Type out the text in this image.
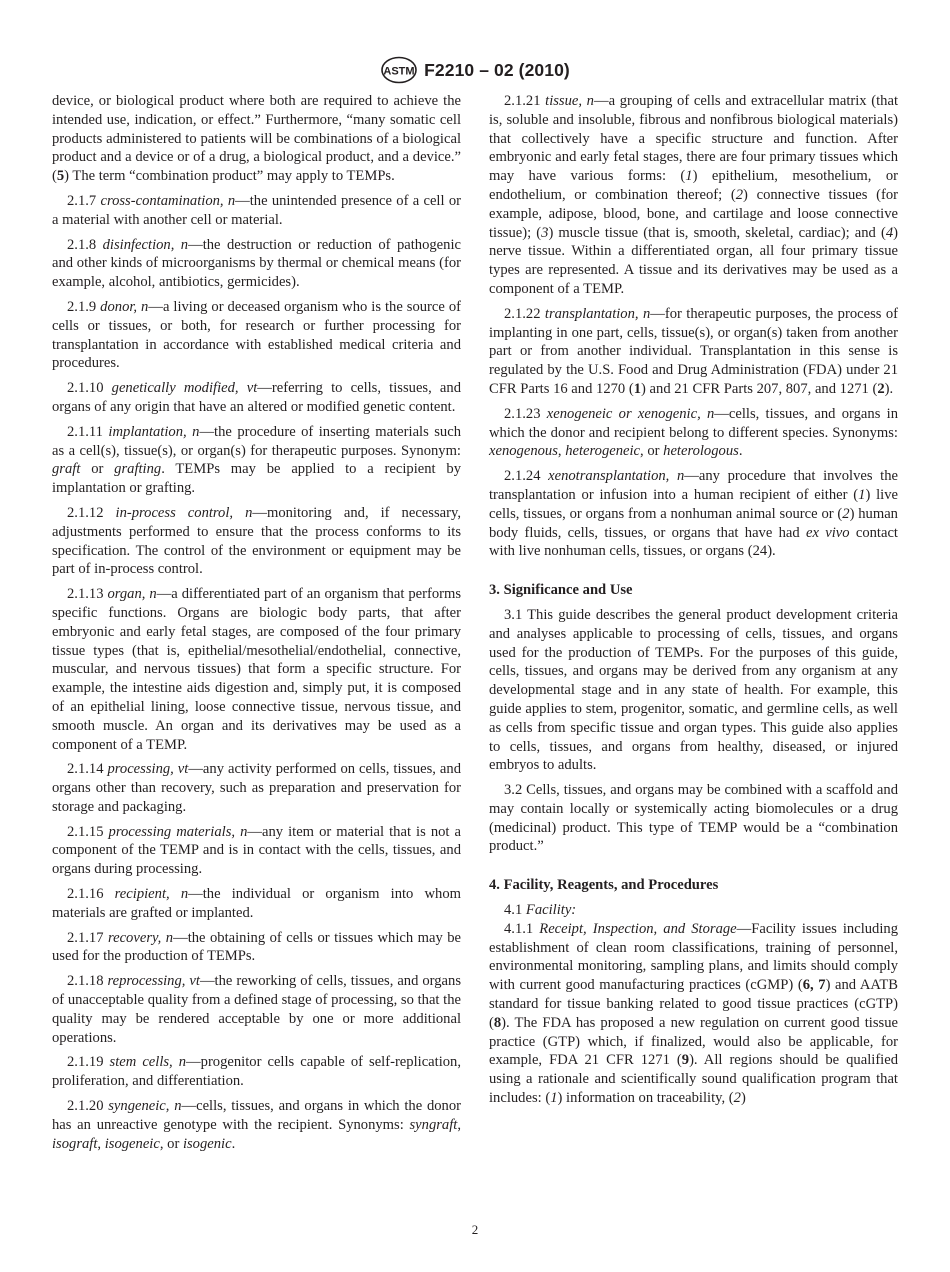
ASTM F2210 – 02 (2010)

device, or biological product where both are required to achieve the intended use, indication, or effect.” Furthermore, “many somatic cell products administered to patients will be combinations of a biological product and a device or of a drug, a biological product, and a device.” (5) The term “combination product” may apply to TEMPs.

2.1.7 cross-contamination, n—the unintended presence of a cell or a material with another cell or material.

2.1.8 disinfection, n—the destruction or reduction of pathogenic and other kinds of microorganisms by thermal or chemical means (for example, alcohol, antibiotics, germicides).

2.1.9 donor, n—a living or deceased organism who is the source of cells or tissues, or both, for research or further processing for transplantation in accordance with established medical criteria and procedures.

2.1.10 genetically modified, vt—referring to cells, tissues, and organs of any origin that have an altered or modified genetic content.

2.1.11 implantation, n—the procedure of inserting materials such as a cell(s), tissue(s), or organ(s) for therapeutic purposes. Synonym: graft or grafting. TEMPs may be applied to a recipient by implantation or grafting.

2.1.12 in-process control, n—monitoring and, if necessary, adjustments performed to ensure that the process conforms to its specification. The control of the environment or equipment may be part of in-process control.

2.1.13 organ, n—a differentiated part of an organism that performs specific functions. Organs are biologic body parts, that after embryonic and early fetal stages, are composed of the four primary tissue types (that is, epithelial/mesothelial/endothelial, connective, muscular, and nervous tissues) that form a specific structure. For example, the intestine aids digestion and, simply put, it is composed of an epithelial lining, loose connective tissue, nervous tissue, and smooth muscle. An organ and its derivatives may be used as a component of a TEMP.

2.1.14 processing, vt—any activity performed on cells, tissues, and organs other than recovery, such as preparation and preservation for storage and packaging.

2.1.15 processing materials, n—any item or material that is not a component of the TEMP and is in contact with the cells, tissues, and organs during processing.

2.1.16 recipient, n—the individual or organism into whom materials are grafted or implanted.

2.1.17 recovery, n—the obtaining of cells or tissues which may be used for the production of TEMPs.

2.1.18 reprocessing, vt—the reworking of cells, tissues, and organs of unacceptable quality from a defined stage of processing, so that the quality may be rendered acceptable by one or more additional operations.

2.1.19 stem cells, n—progenitor cells capable of self-replication, proliferation, and differentiation.

2.1.20 syngeneic, n—cells, tissues, and organs in which the donor has an unreactive genotype with the recipient. Synonyms: syngraft, isograft, isogeneic, or isogenic.

2.1.21 tissue, n—a grouping of cells and extracellular matrix (that is, soluble and insoluble, fibrous and nonfibrous biological materials) that collectively have a specific structure and function. After embryonic and early fetal stages, there are four primary tissues which may have various forms: (1) epithelium, mesothelium, or endothelium, or combination thereof; (2) connective tissues (for example, adipose, blood, bone, and cartilage and loose connective tissue); (3) muscle tissue (that is, smooth, skeletal, cardiac); and (4) nerve tissue. Within a differentiated organ, all four primary tissue types are represented. A tissue and its derivatives may be used as a component of a TEMP.

2.1.22 transplantation, n—for therapeutic purposes, the process of implanting in one part, cells, tissue(s), or organ(s) taken from another part or from another individual. Transplantation in this sense is regulated by the U.S. Food and Drug Administration (FDA) under 21 CFR Parts 16 and 1270 (1) and 21 CFR Parts 207, 807, and 1271 (2).

2.1.23 xenogeneic or xenogenic, n—cells, tissues, and organs in which the donor and recipient belong to different species. Synonyms: xenogenous, heterogeneic, or heterologous.

2.1.24 xenotransplantation, n—any procedure that involves the transplantation or infusion into a human recipient of either (1) live cells, tissues, or organs from a nonhuman animal source or (2) human body fluids, cells, tissues, or organs that have had ex vivo contact with live nonhuman cells, tissues, or organs (24).

3. Significance and Use

3.1 This guide describes the general product development criteria and analyses applicable to processing of cells, tissues, and organs used for the production of TEMPs. For the purposes of this guide, cells, tissues, and organs may be derived from any organism at any developmental stage and in any state of health. For example, this guide applies to stem, progenitor, somatic, and germline cells, as well as cells from specific tissue and organ types. This guide also applies to cells, tissues, and organs from healthy, diseased, or injured embryos to adults.

3.2 Cells, tissues, and organs may be combined with a scaffold and may contain locally or systemically acting biomolecules or a drug (medicinal) product. This type of TEMP would be a “combination product.”

4. Facility, Reagents, and Procedures

4.1 Facility:

4.1.1 Receipt, Inspection, and Storage—Facility issues including establishment of clean room classifications, training of personnel, environmental monitoring, sampling plans, and limits should comply with current good manufacturing practices (cGMP) (6, 7) and AATB standard for tissue banking related to good tissue practices (cGTP) (8). The FDA has proposed a new regulation on current good tissue practice (GTP) which, if finalized, would also be applicable, for example, FDA 21 CFR 1271 (9). All regions should be qualified using a rationale and scientifically sound qualification program that includes: (1) information on traceability, (2)

2
